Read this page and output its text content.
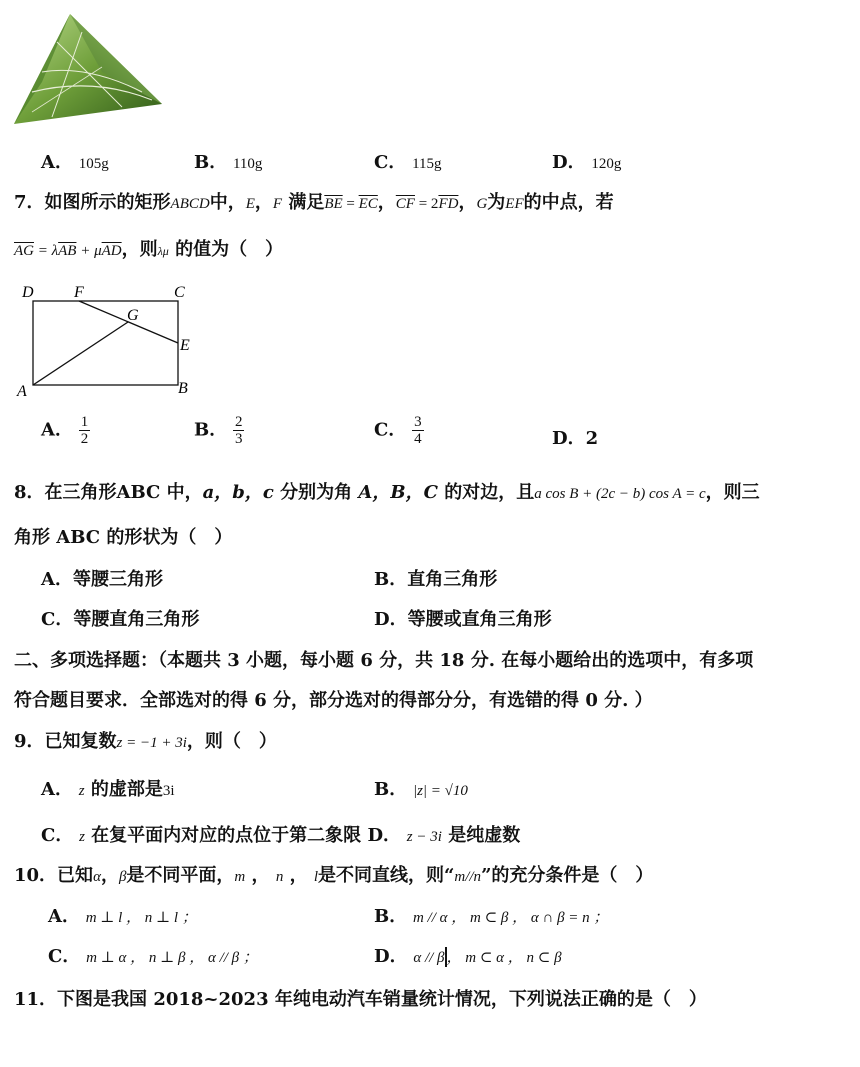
A． 105g	B． 110g	C． 115g	D． 120g
7．如图所示的矩形ABCD中，E，F 满足$\overline{BE} = \overline{EC}$，$\overline{CF} = 2\overline{FD}$，G为EF的中点，若
$\overline{AG} = \lambda\overline{AB} + \mu\overline{AD}$，则λμ 的值为（　）
D	F	C
G
E
A	B
A． $\frac{1}{2}$	B． $\frac{2}{3}$	C． $\frac{3}{4}$	D．2
8．在三角形ABC 中，a，b，c 分别为角 A，B，C 的对边，且a cos B + (2c − b) cos A = c，则三
角形 ABC 的形状为（　）
A．等腰三角形	B．直角三角形
C．等腰直角三角形	D．等腰或直角三角形
二、多项选择题：（本题共 3 小题，每小题 6 分，共 18 分. 在每小题给出的选项中，有多项
符合题目要求．全部选对的得 6 分，部分选对的得部分分，有选错的得 0 分. ）
9．已知复数z = −1 + 3i，则（　）
A． z 的虚部是3i	B． |z| = √10
C． z 在复平面内对应的点位于第二象限 D． z − 3i 是纯虚数
10．已知α，β是不同平面，m ， n ， l是不同直线，则“m//n”的充分条件是（　）
A． m ⊥ l ， n ⊥ l ；	B． m // α ， m ⊂ β ， α ∩ β = n ；
C． m ⊥ α ， n ⊥ β ， α // β ；	D． α // β ， m ⊂ α ， n ⊂ β
11．下图是我国 2018~2023 年纯电动汽车销量统计情况，下列说法正确的是（　）
